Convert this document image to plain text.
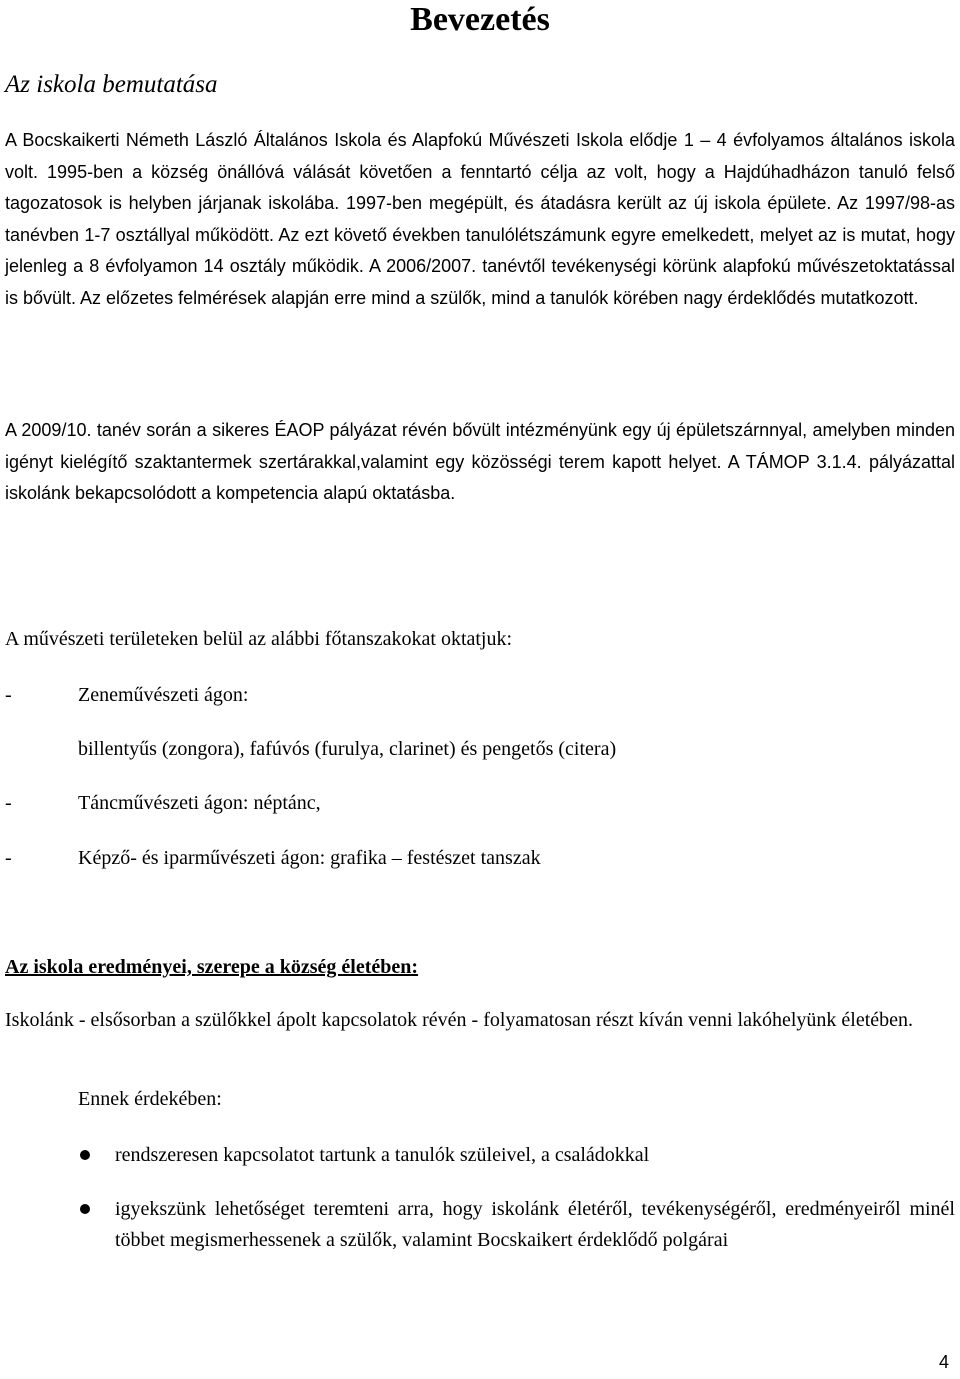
Bevezetés
Az iskola bemutatása
A Bocskaikerti Németh László Általános Iskola és Alapfokú Művészeti Iskola elődje 1 – 4 évfolyamos általános iskola volt. 1995-ben a község önállóvá válását követően a fenntartó célja az volt, hogy a Hajdúhadházon tanuló felső tagozatosok is helyben járjanak iskolába. 1997-ben megépült, és átadásra került az új iskola épülete. Az 1997/98-as tanévben 1-7 osztállyal működött. Az ezt követő években tanulólétszámunk egyre emelkedett, melyet az is mutat, hogy jelenleg a 8 évfolyamon 14 osztály működik. A 2006/2007. tanévtől tevékenységi körünk alapfokú művészetoktatással is bővült. Az előzetes felmérések alapján erre mind a szülők, mind a tanulók körében nagy érdeklődés mutatkozott.
A 2009/10. tanév során a sikeres ÉAOP pályázat révén bővült intézményünk egy új épületszárnnyal, amelyben minden igényt kielégítő szaktantermek szertárakkal,valamint egy közösségi terem kapott helyet. A TÁMOP 3.1.4. pályázattal iskolánk bekapcsolódott a kompetencia alapú oktatásba.
A művészeti területeken belül az alábbi főtanszakokat oktatjuk:
-	Zeneművészeti ágon:
billentyűs (zongora), fafúvós (furulya, clarinet) és pengetős (citera)
-	Táncművészeti ágon: néptánc,
-	Képző- és iparművészeti ágon: grafika – festészet tanszak
Az iskola eredményei, szerepe a község életében:
Iskolánk - elsősorban a szülőkkel ápolt kapcsolatok révén - folyamatosan részt kíván venni lakóhelyünk életében.
Ennek érdekében:
rendszeresen kapcsolatot tartunk a tanulók szüleivel, a családokkal
igyekszünk lehetőséget teremteni arra, hogy iskolánk életéről, tevékenységéről, eredményeiről minél többet megismerhessenek a szülők, valamint Bocskaikert érdeklődő polgárai
4
